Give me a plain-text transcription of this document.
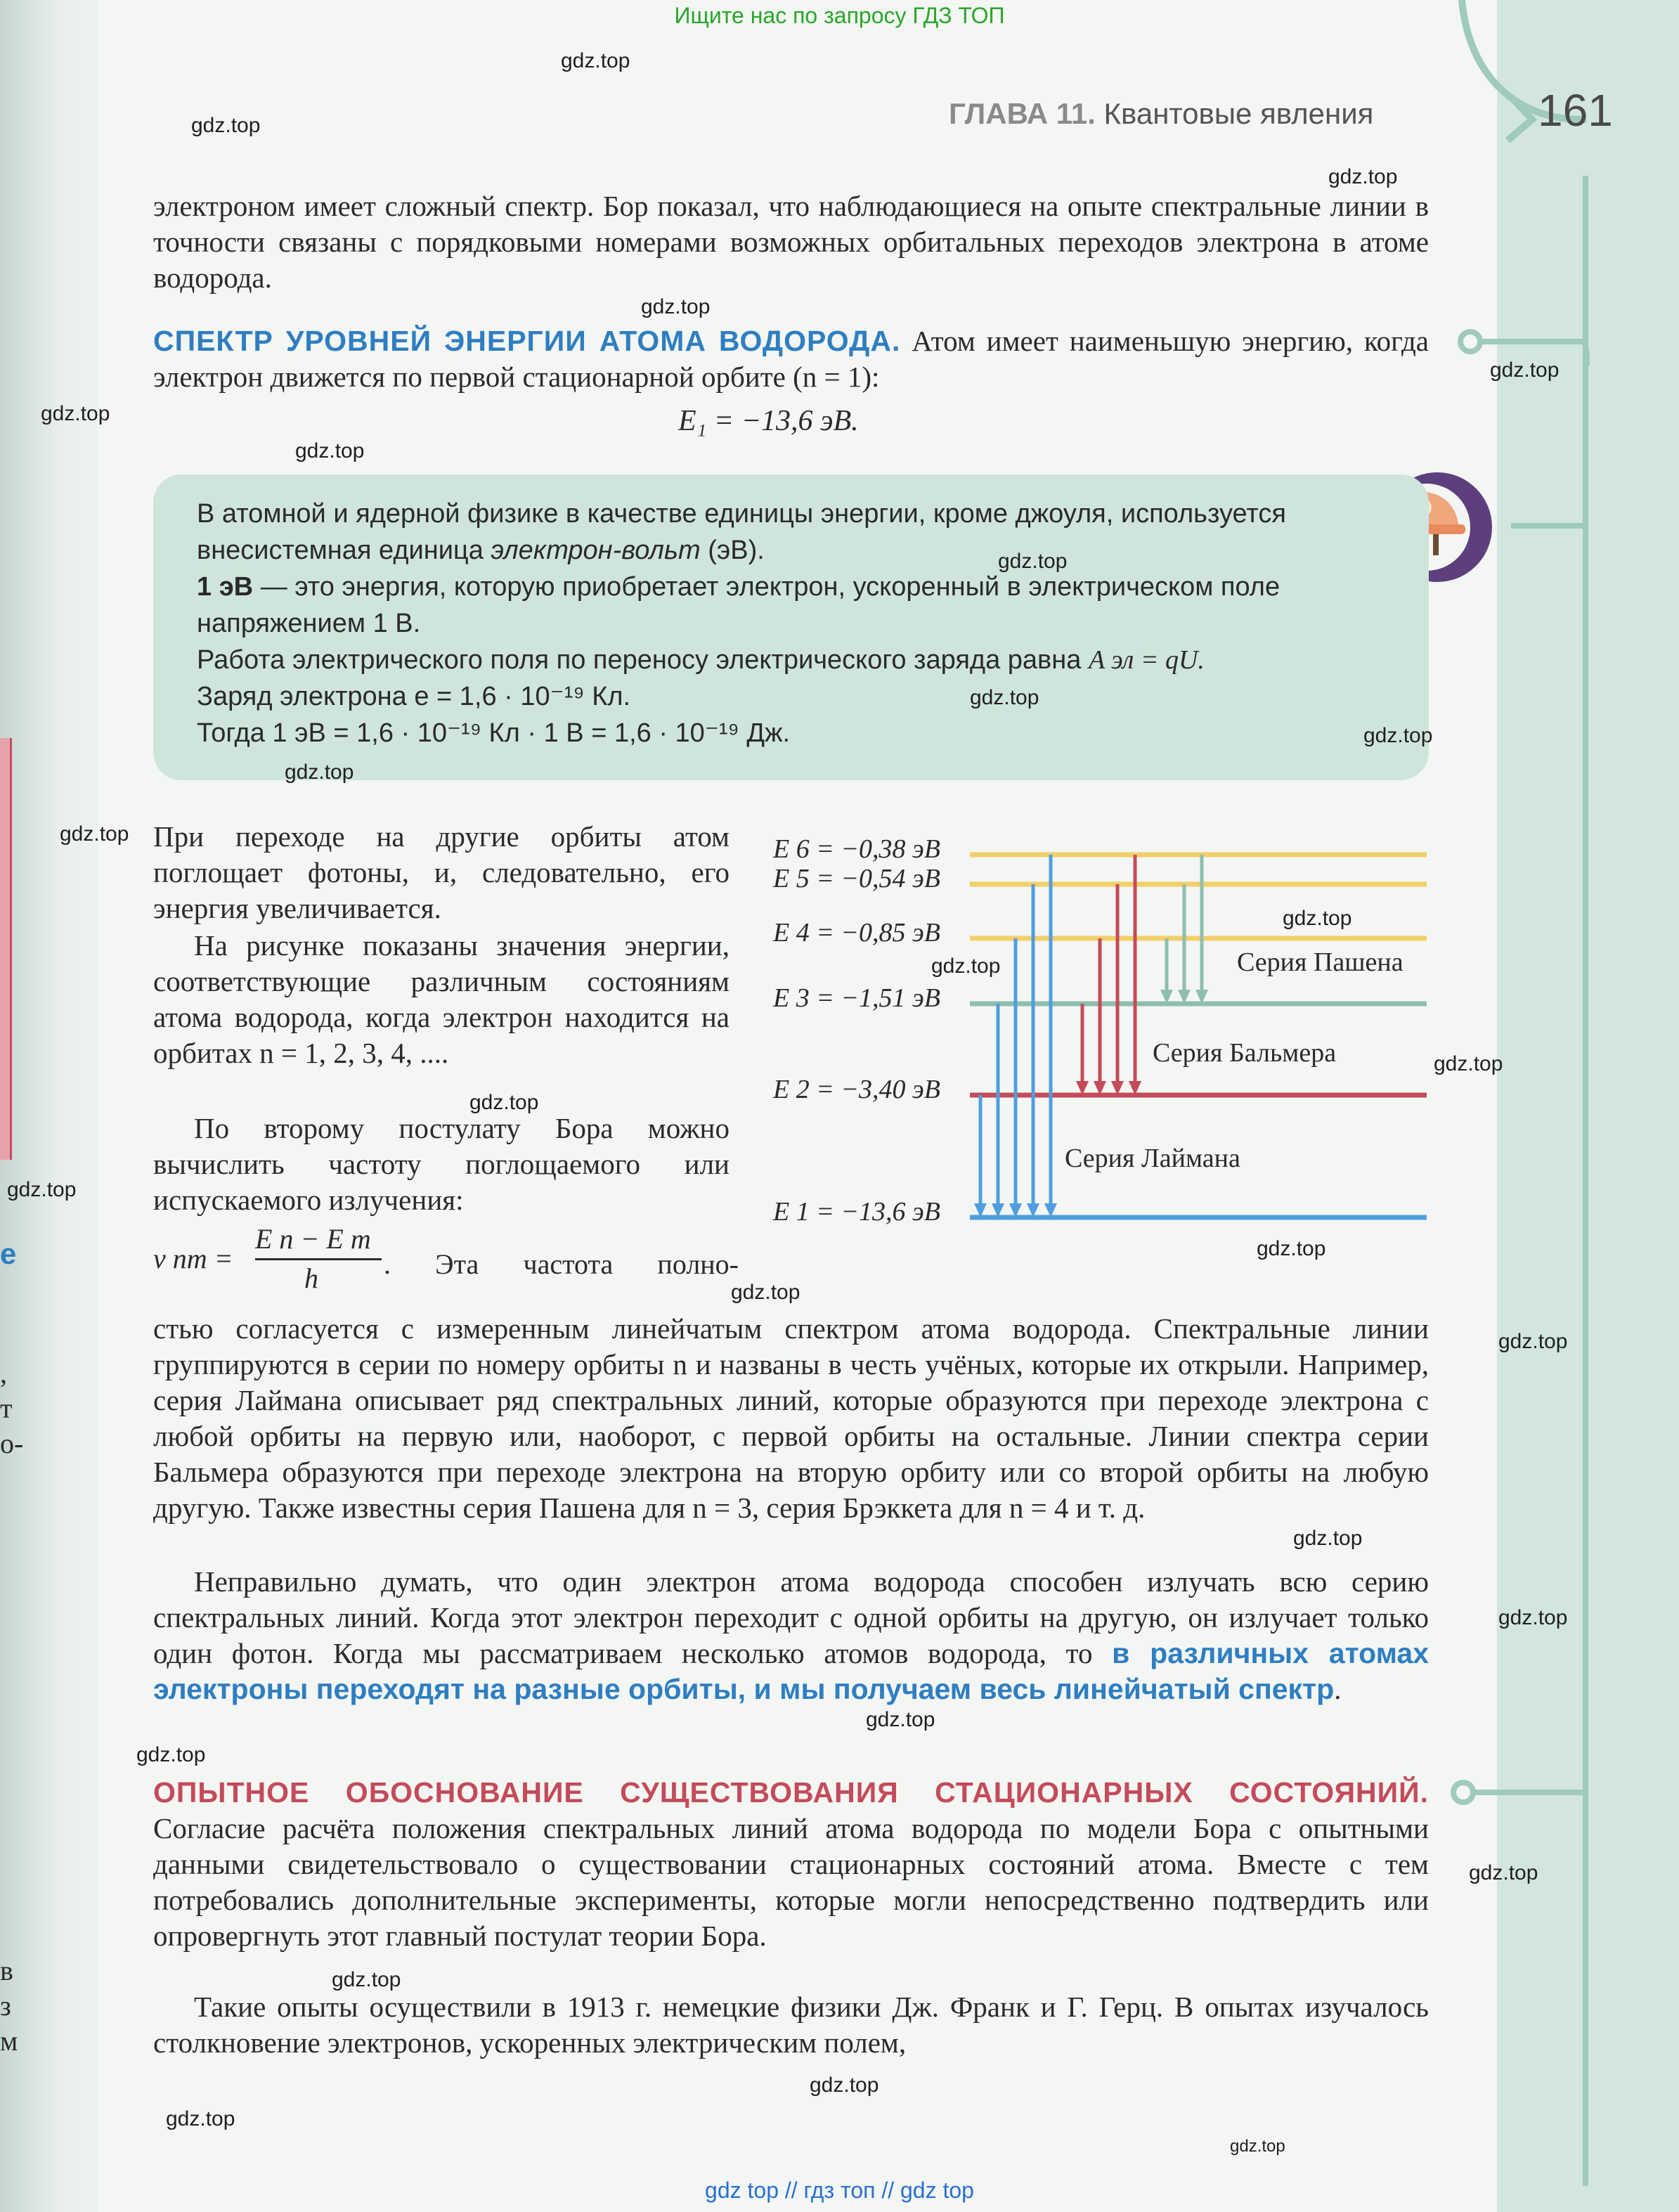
Ищите нас по запросу ГДЗ ТОП
ГЛАВА 11. Квантовые явления	161
электроном имеет сложный спектр. Бор показал, что наблюдающиеся на опыте спектральные линии в точности связаны с порядковыми номерами возможных орбитальных переходов электрона в атоме водорода.
СПЕКТР УРОВНЕЙ ЭНЕРГИИ АТОМА ВОДОРОДА. Атом имеет наименьшую энергию, когда электрон движется по первой стационарной орбите (n = 1):
E₁ = −13,6 эВ.
В атомной и ядерной физике в качестве единицы энергии, кроме джоуля, используется внесистемная единица электрон-вольт (эВ).
1 эВ — это энергия, которую приобретает электрон, ускоренный в электрическом поле напряжением 1 В.
Работа электрического поля по переносу электрического заряда равна A эл = qU.
Заряд электрона e = 1,6 · 10⁻¹⁹ Кл.
Тогда 1 эВ = 1,6 · 10⁻¹⁹ Кл · 1 В = 1,6 · 10⁻¹⁹ Дж.
При переходе на другие орбиты атом поглощает фотоны, и, следовательно, его энергия увеличивается.
На рисунке показаны значения энергии, соответствующие различным состояниям атома водорода, когда электрон находится на орбитах n = 1, 2, 3, 4, ....
По второму постулату Бора можно вычислить частоту поглощаемого или испускаемого излучения:
ν nm =
E n − E m
h . Эта частота полно-
E 6 = −0,38 эВ
E 5 = −0,54 эВ
E 4 = −0,85 эВ
E 3 = −1,51 эВ
E 2 = −3,40 эВ
E 1 = −13,6 эВ
Серия Пашена
Серия Бальмера
Серия Лаймана
стью согласуется с измеренным линейчатым спектром атома водорода. Спектральные линии группируются в серии по номеру орбиты n и названы в честь учёных, которые их открыли. Например, серия Лаймана описывает ряд спектральных линий, которые образуются при переходе электрона с любой орбиты на первую или, наоборот, с первой орбиты на остальные. Линии спектра серии Бальмера образуются при переходе электрона на вторую орбиту или со второй орбиты на любую другую. Также известны серия Пашена для n = 3, серия Брэккета для n = 4 и т. д.
Неправильно думать, что один электрон атома водорода способен излучать всю серию спектральных линий. Когда этот электрон переходит с одной орбиты на другую, он излучает только один фотон. Когда мы рассматриваем несколько атомов водорода, то в различных атомах электроны переходят на разные орбиты, и мы получаем весь линейчатый спектр.
ОПЫТНОЕ ОБОСНОВАНИЕ СУЩЕСТВОВАНИЯ СТАЦИОНАРНЫХ СОСТОЯНИЙ. Согласие расчёта положения спектральных линий атома водорода по модели Бора с опытными данными свидетельствовало о существовании стационарных состояний атома. Вместе с тем потребовались дополнительные эксперименты, которые могли непосредственно подтвердить или опровергнуть этот главный постулат теории Бора.
Такие опыты осуществили в 1913 г. немецкие физики Дж. Франк и Г. Герц. В опытах изучалось столкновение электронов, ускоренных электрическим полем,
e
,
т
о-
в
з
м
gdz.top
gdz.top
gdz.top
gdz.top
gdz.top
gdz.top
gdz.top
gdz.top
gdz.top
gdz.top
gdz.top
gdz.top
gdz.top
gdz.top
gdz.top
gdz.top
gdz.top
gdz.top
gdz.top
gdz.top
gdz.top
gdz.top
gdz.top
gdz.top
gdz.top
gdz.top
gdz.top
gdz.top
gdz.top
gdz top // гдз топ // gdz top
